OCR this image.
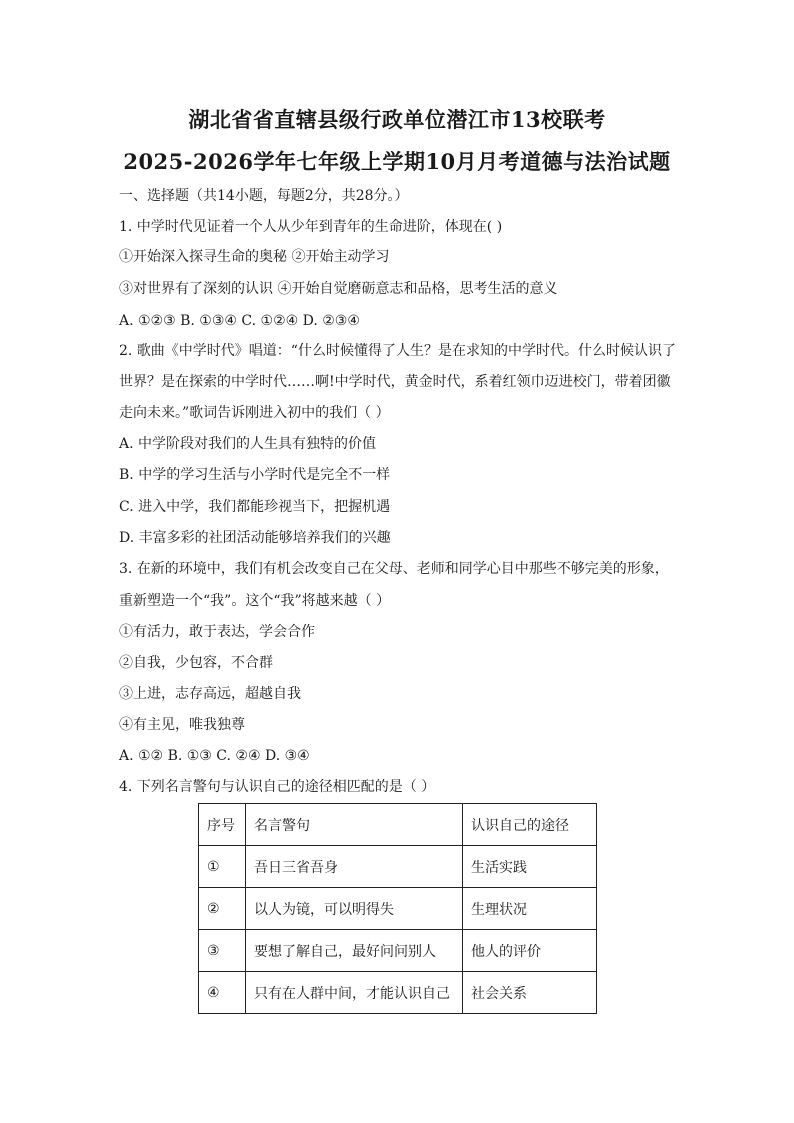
湖北省省直辖县级行政单位潜江市13校联考
2025-2026学年七年级上学期10月月考道德与法治试题
一、选择题（共14小题，每题2分，共28分。）
1. 中学时代见证着一个人从少年到青年的生命进阶，体现在( )
①开始深入探寻生命的奥秘 ②开始主动学习
③对世界有了深刻的认识 ④开始自觉磨砺意志和品格，思考生活的意义
A. ①②③ B. ①③④ C. ①②④ D. ②③④
2. 歌曲《中学时代》唱道：“什么时候懂得了人生？是在求知的中学时代。什么时候认识了
世界？是在探索的中学时代……啊!中学时代，黄金时代，系着红领巾迈进校门，带着团徽
走向未来。”歌词告诉刚进入初中的我们（ ）
A. 中学阶段对我们的人生具有独特的价值
B. 中学的学习生活与小学时代是完全不一样
C. 进入中学，我们都能珍视当下，把握机遇
D. 丰富多彩的社团活动能够培养我们的兴趣
3. 在新的环境中，我们有机会改变自己在父母、老师和同学心目中那些不够完美的形象，
重新塑造一个“我”。这个“我”将越来越（ ）
①有活力，敢于表达，学会合作
②自我，少包容，不合群
③上进，志存高远，超越自我
④有主见，唯我独尊
A. ①② B. ①③ C. ②④ D. ③④
4. 下列名言警句与认识自己的途径相匹配的是（ ）
序号	名言警句	认识自己的途径
①	吾日三省吾身	生活实践
②	以人为镜，可以明得失	生理状况
③	要想了解自己，最好问问别人	他人的评价
④	只有在人群中间，才能认识自己	社会关系
